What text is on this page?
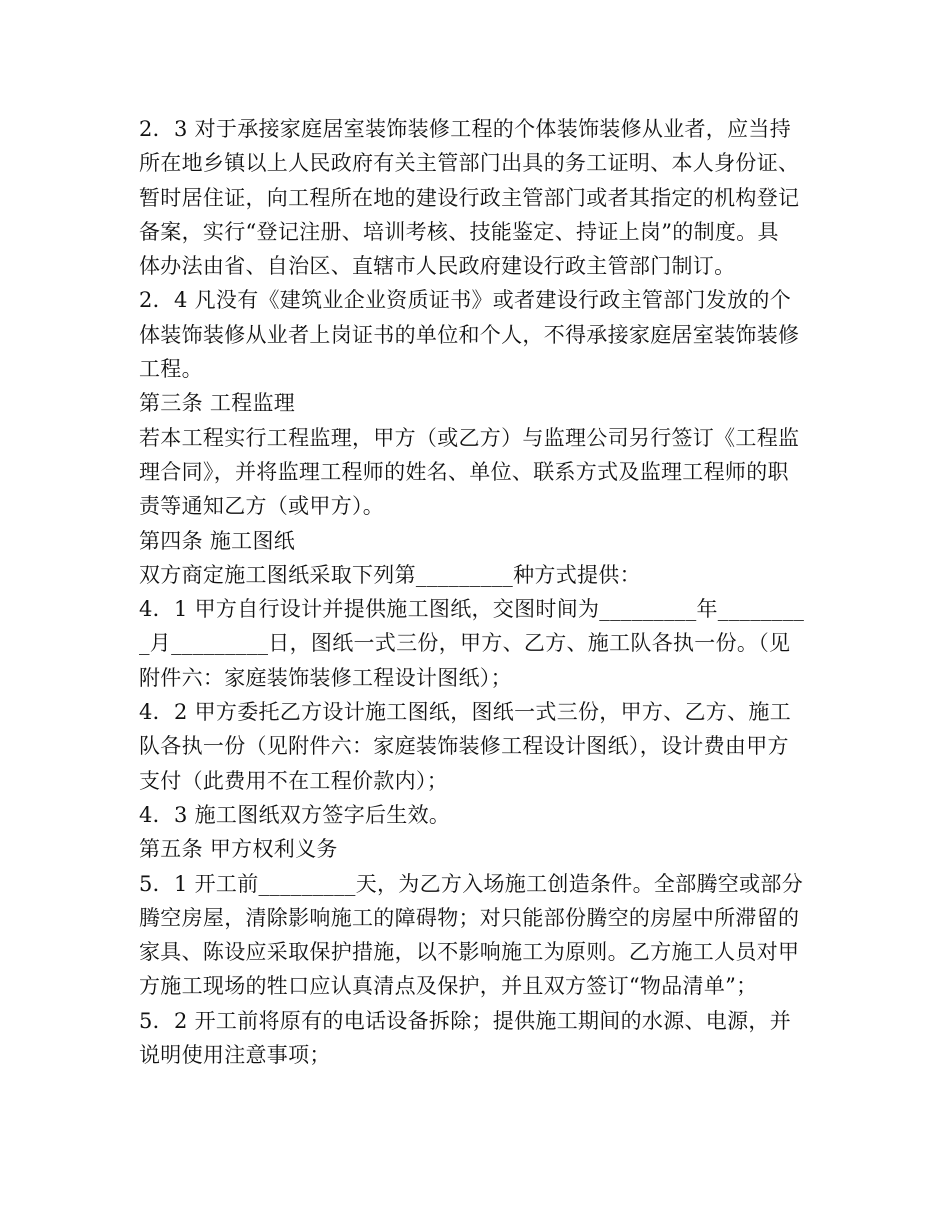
2．3 对于承接家庭居室装饰装修工程的个体装饰装修从业者，应当持
所在地乡镇以上人民政府有关主管部门出具的务工证明、本人身份证、
暂时居住证，向工程所在地的建设行政主管部门或者其指定的机构登记
备案，实行“登记注册、培训考核、技能鉴定、持证上岗”的制度。具
体办法由省、自治区、直辖市人民政府建设行政主管部门制订。
2．4 凡没有《建筑业企业资质证书》或者建设行政主管部门发放的个
体装饰装修从业者上岗证书的单位和个人，不得承接家庭居室装饰装修
工程。
第三条 工程监理
若本工程实行工程监理，甲方（或乙方）与监理公司另行签订《工程监
理合同》，并将监理工程师的姓名、单位、联系方式及监理工程师的职
责等通知乙方（或甲方）。
第四条 施工图纸
双方商定施工图纸采取下列第_________种方式提供：
4．1 甲方自行设计并提供施工图纸，交图时间为_________年________
_月_________日，图纸一式三份，甲方、乙方、施工队各执一份。（见
附件六：家庭装饰装修工程设计图纸）；
4．2 甲方委托乙方设计施工图纸，图纸一式三份，甲方、乙方、施工
队各执一份（见附件六：家庭装饰装修工程设计图纸），设计费由甲方
支付（此费用不在工程价款内）；
4．3 施工图纸双方签字后生效。
第五条 甲方权利义务
5．1 开工前_________天，为乙方入场施工创造条件。全部腾空或部分
腾空房屋，清除影响施工的障碍物；对只能部份腾空的房屋中所滞留的
家具、陈设应采取保护措施，以不影响施工为原则。乙方施工人员对甲
方施工现场的牲口应认真清点及保护，并且双方签订“物品清单”；
5．2 开工前将原有的电话设备拆除；提供施工期间的水源、电源，并
说明使用注意事项；
